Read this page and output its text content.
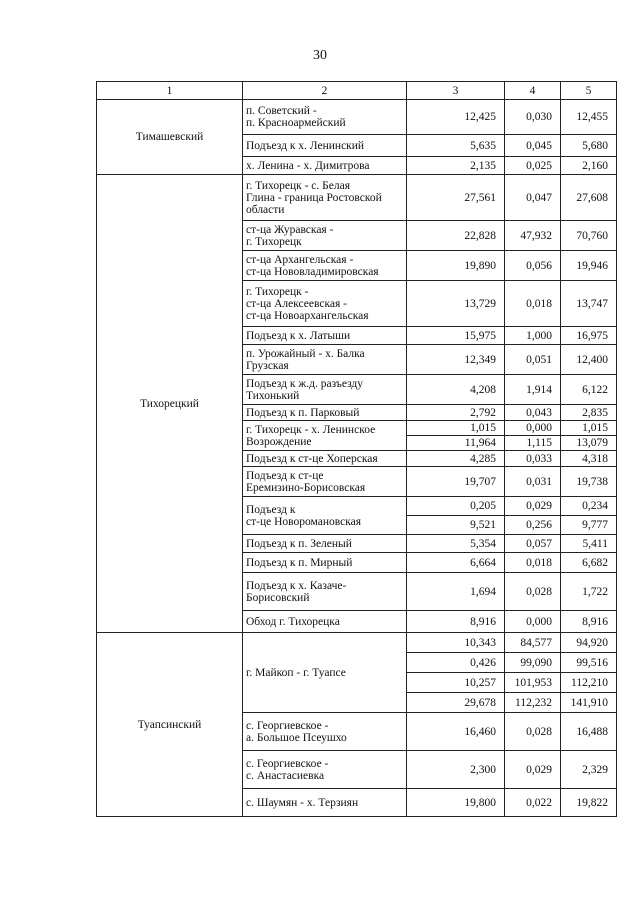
30
1	2	3	4	5
Тимашевский	п. Советский -
п. Красноармейский	12,425	0,030	12,455
	Подъезд к х. Ленинский	5,635	0,045	5,680
	х. Ленина - х. Димитрова	2,135	0,025	2,160
Тихорецкий	г. Тихорецк - с. Белая
Глина - граница Ростовской
области	27,561	0,047	27,608
	ст-ца Журавская -
г. Тихорецк	22,828	47,932	70,760
	ст-ца Архангельская -
ст-ца Нововладимировская	19,890	0,056	19,946
	г. Тихорецк -
ст-ца Алексеевская -
ст-ца Новоархангельская	13,729	0,018	13,747
	Подъезд к х. Латыши	15,975	1,000	16,975
	п. Урожайный - х. Балка
Грузская	12,349	0,051	12,400
	Подъезд к ж.д. разъезду
Тихонький	4,208	1,914	6,122
	Подъезд к п. Парковый	2,792	0,043	2,835
	г. Тихорецк - х. Ленинское
Возрождение	1,015	0,000	1,015
		11,964	1,115	13,079
	Подъезд к ст-це Хоперская	4,285	0,033	4,318
	Подъезд к ст-це
Еремизино-Борисовская	19,707	0,031	19,738
	Подъезд к
ст-це Новоромановская	0,205	0,029	0,234
		9,521	0,256	9,777
	Подъезд к п. Зеленый	5,354	0,057	5,411
	Подъезд к п. Мирный	6,664	0,018	6,682
	Подъезд к х. Казаче-
Борисовский	1,694	0,028	1,722
	Обход г. Тихорецка	8,916	0,000	8,916
Туапсинский	г. Майкоп - г. Туапсе	10,343	84,577	94,920
		0,426	99,090	99,516
		10,257	101,953	112,210
		29,678	112,232	141,910
	с. Георгиевское -
а. Большое Псеушхо	16,460	0,028	16,488
	с. Георгиевское -
с. Анастасиевка	2,300	0,029	2,329
	с. Шаумян - х. Терзиян	19,800	0,022	19,822
